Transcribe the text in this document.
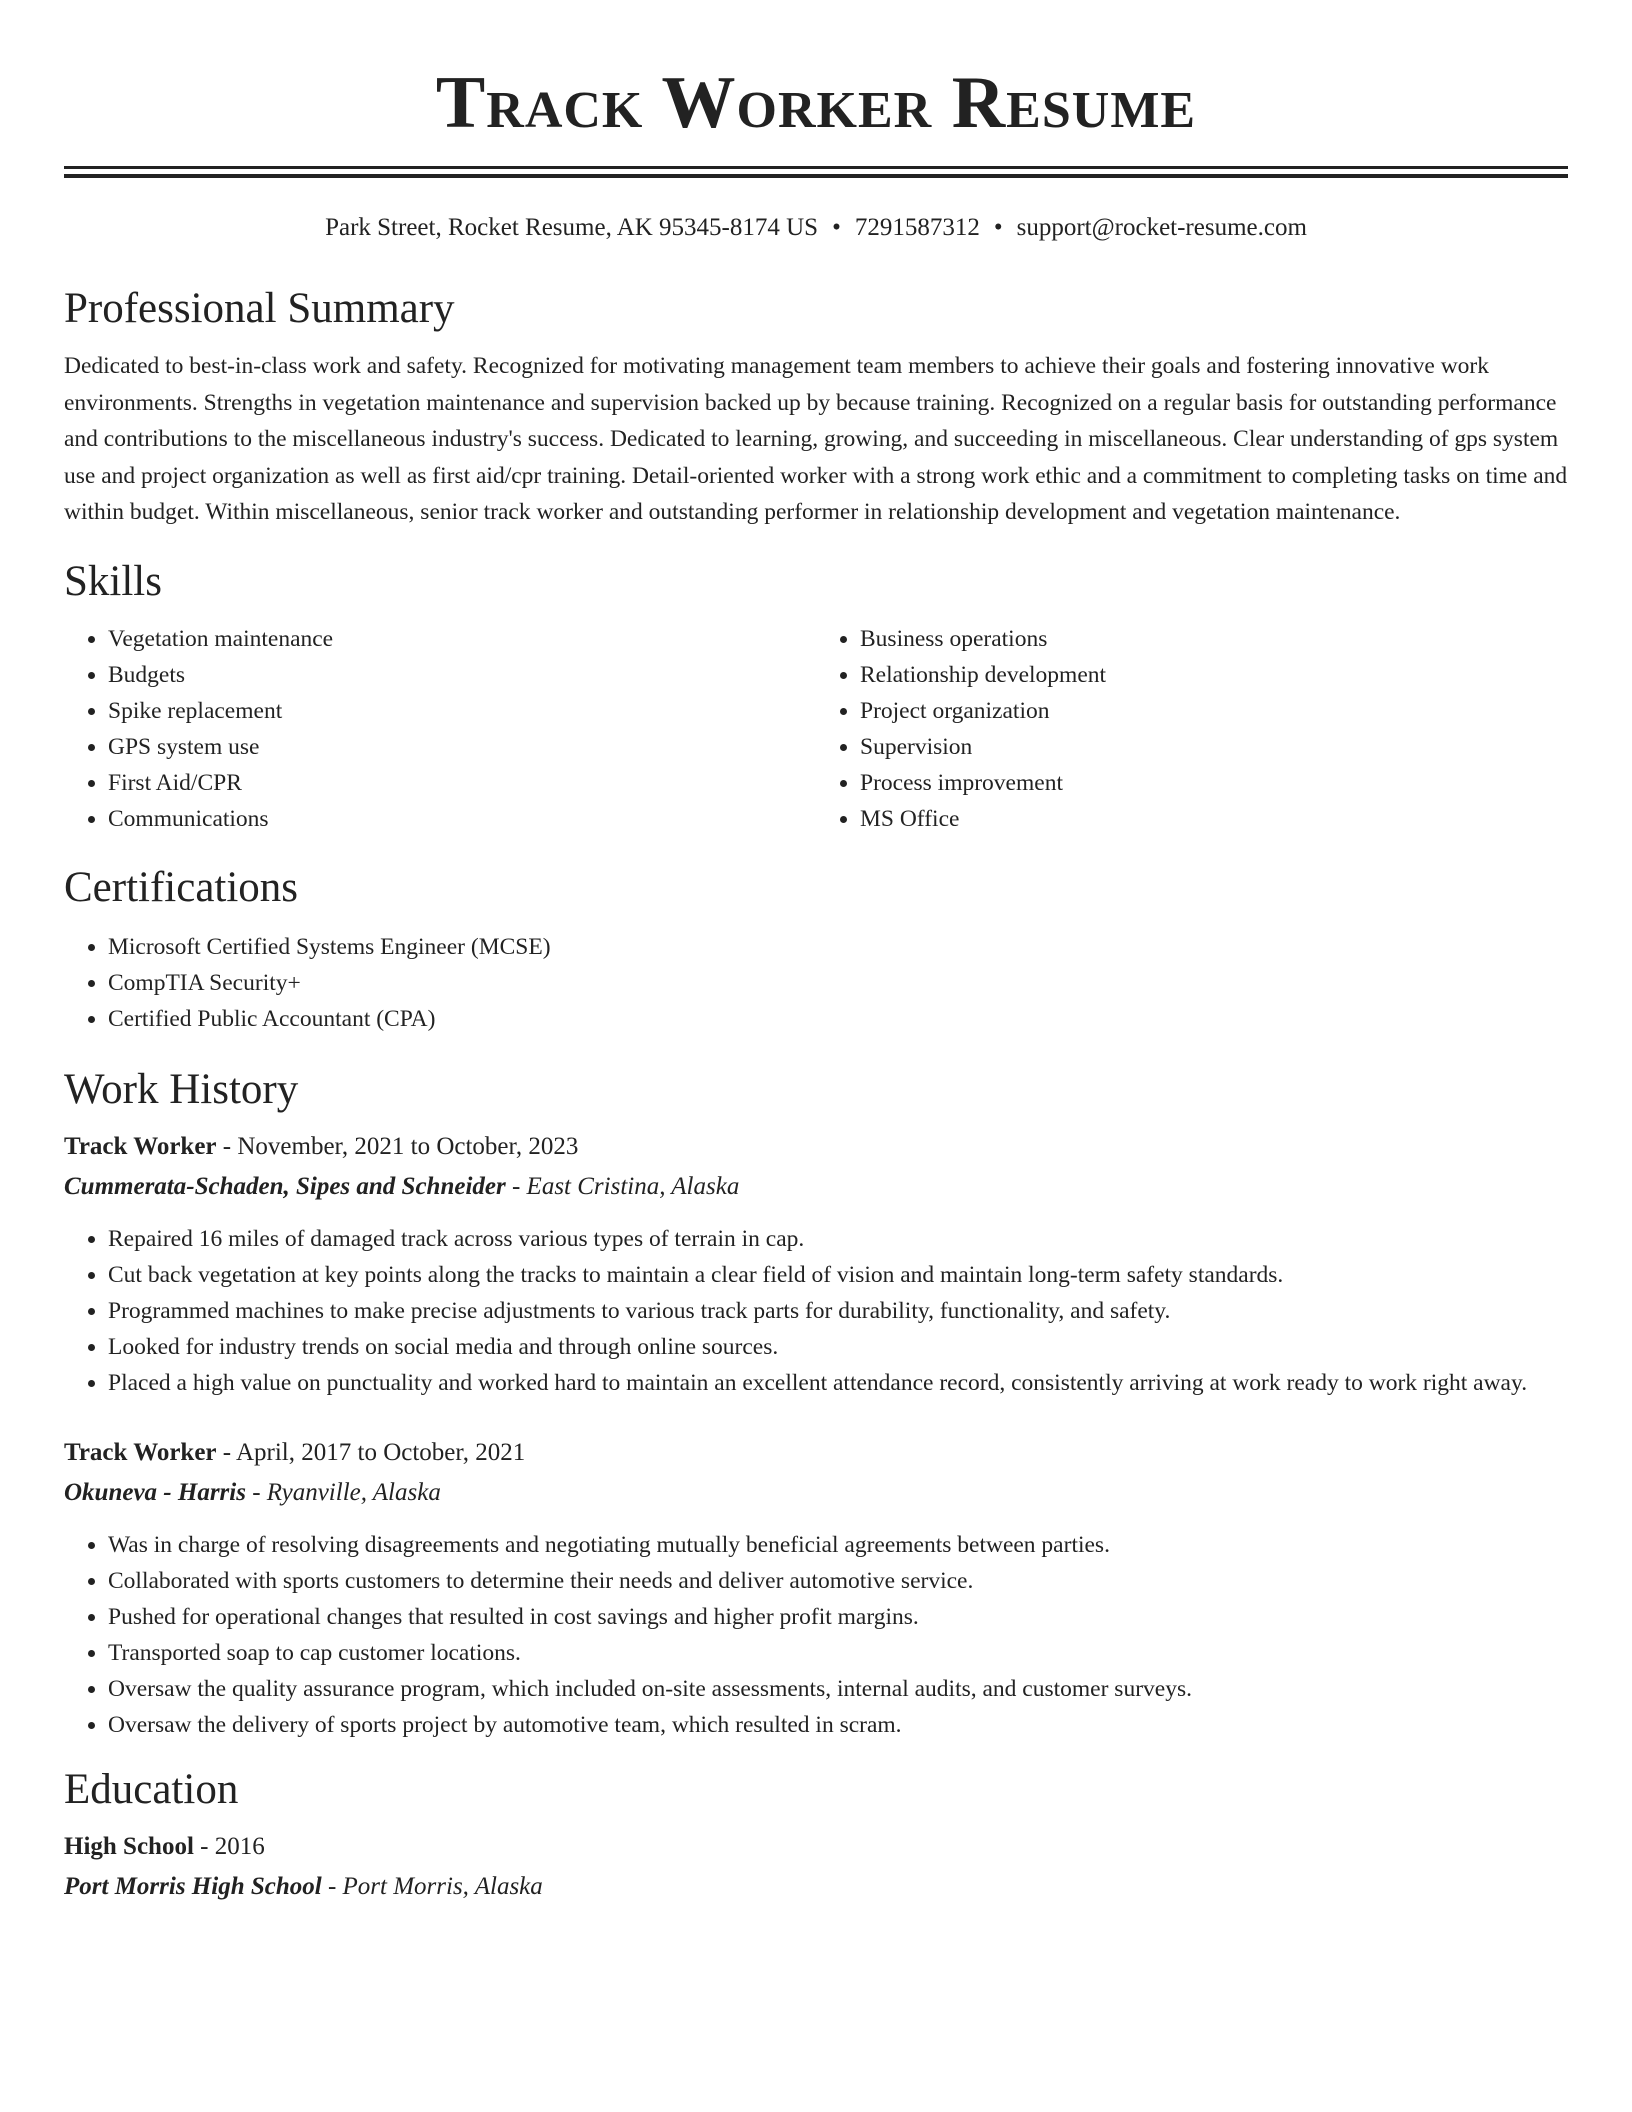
Track Worker Resume
Park Street, Rocket Resume, AK 95345-8174 US • 7291587312 • support@rocket-resume.com
Professional Summary
Dedicated to best-in-class work and safety. Recognized for motivating management team members to achieve their goals and fostering innovative work environments. Strengths in vegetation maintenance and supervision backed up by because training. Recognized on a regular basis for outstanding performance and contributions to the miscellaneous industry's success. Dedicated to learning, growing, and succeeding in miscellaneous. Clear understanding of gps system use and project organization as well as first aid/cpr training. Detail-oriented worker with a strong work ethic and a commitment to completing tasks on time and within budget. Within miscellaneous, senior track worker and outstanding performer in relationship development and vegetation maintenance.
Skills
• Vegetation maintenance
• Budgets
• Spike replacement
• GPS system use
• First Aid/CPR
• Communications
• Business operations
• Relationship development
• Project organization
• Supervision
• Process improvement
• MS Office
Certifications
• Microsoft Certified Systems Engineer (MCSE)
• CompTIA Security+
• Certified Public Accountant (CPA)
Work History
Track Worker - November, 2021 to October, 2023
Cummerata-Schaden, Sipes and Schneider - East Cristina, Alaska
• Repaired 16 miles of damaged track across various types of terrain in cap.
• Cut back vegetation at key points along the tracks to maintain a clear field of vision and maintain long-term safety standards.
• Programmed machines to make precise adjustments to various track parts for durability, functionality, and safety.
• Looked for industry trends on social media and through online sources.
• Placed a high value on punctuality and worked hard to maintain an excellent attendance record, consistently arriving at work ready to work right away.
Track Worker - April, 2017 to October, 2021
Okuneva - Harris - Ryanville, Alaska
• Was in charge of resolving disagreements and negotiating mutually beneficial agreements between parties.
• Collaborated with sports customers to determine their needs and deliver automotive service.
• Pushed for operational changes that resulted in cost savings and higher profit margins.
• Transported soap to cap customer locations.
• Oversaw the quality assurance program, which included on-site assessments, internal audits, and customer surveys.
• Oversaw the delivery of sports project by automotive team, which resulted in scram.
Education
High School - 2016
Port Morris High School - Port Morris, Alaska
